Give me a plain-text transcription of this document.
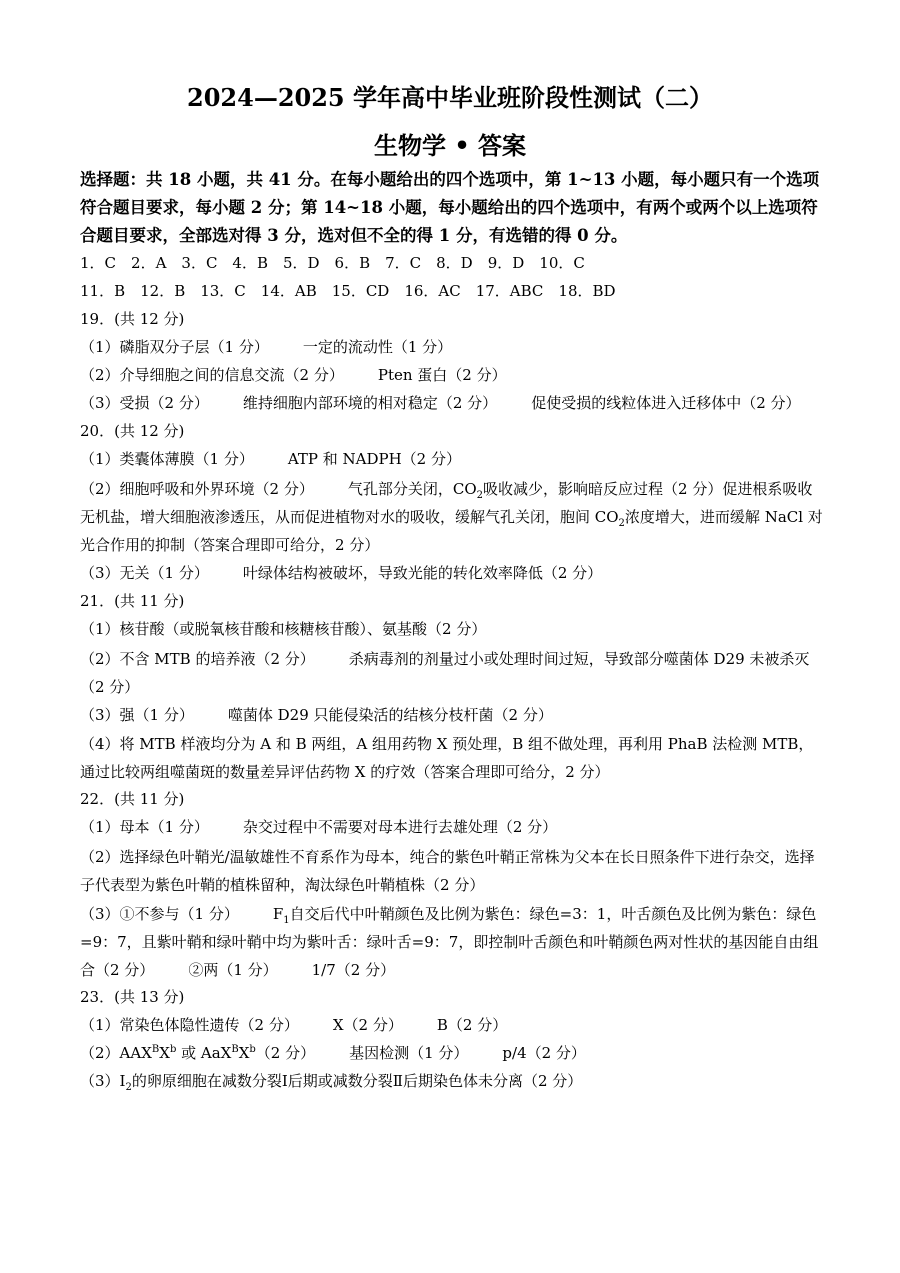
2024—2025 学年高中毕业班阶段性测试（二）
生物学 • 答案
选择题：共 18 小题，共 41 分。在每小题给出的四个选项中，第 1~13 小题，每小题只有一个选项符合题目要求，每小题 2 分；第 14~18 小题，每小题给出的四个选项中，有两个或两个以上选项符合题目要求，全部选对得 3 分，选对但不全的得 1 分，有选错的得 0 分。
1．C　2．A　3．C　4．B　5．D　6．B　7．C　8．D　9．D　10．C
11．B　12．B　13．C　14．AB　15．CD　16．AC　17．ABC　18．BD
19．(共 12 分)
（1）磷脂双分子层（1 分） 一定的流动性（1 分）
（2）介导细胞之间的信息交流（2 分） Pten 蛋白（2 分）
（3）受损（2 分） 维持细胞内部环境的相对稳定（2 分） 促使受损的线粒体进入迁移体中（2 分）
20．(共 12 分)
（1）类囊体薄膜（1 分） ATP 和 NADPH（2 分）
（2）细胞呼吸和外界环境（2 分） 气孔部分关闭，$CO_2$吸收减少，影响暗反应过程（2 分）促进根系吸收无机盐，增大细胞液渗透压，从而促进植物对水的吸收，缓解气孔关闭，胞间 $CO_2$浓度增大，进而缓解 NaCl 对光合作用的抑制（答案合理即可给分，2 分）
（3）无关（1 分） 叶绿体结构被破坏，导致光能的转化效率降低（2 分）
21．(共 11 分)
（1）核苷酸（或脱氧核苷酸和核糖核苷酸）、氨基酸（2 分）
（2）不含 MTB 的培养液（2 分） 杀病毒剂的剂量过小或处理时间过短，导致部分噬菌体 D29 未被杀灭（2 分）
（3）强（1 分） 噬菌体 D29 只能侵染活的结核分枝杆菌（2 分）
（4）将 MTB 样液均分为 A 和 B 两组，A 组用药物 X 预处理，B 组不做处理，再利用 PhaB 法检测 MTB，通过比较两组噬菌斑的数量差异评估药物 X 的疗效（答案合理即可给分，2 分）
22．(共 11 分)
（1）母本（1 分） 杂交过程中不需要对母本进行去雄处理（2 分）
（2）选择绿色叶鞘光/温敏雄性不育系作为母本，纯合的紫色叶鞘正常株为父本在长日照条件下进行杂交，选择子代表型为紫色叶鞘的植株留种，淘汰绿色叶鞘植株（2 分）
（3）①不参与（1 分） $F_1$自交后代中叶鞘颜色及比例为紫色：绿色=3：1，叶舌颜色及比例为紫色：绿色=9：7，且紫叶鞘和绿叶鞘中均为紫叶舌：绿叶舌=9：7，即控制叶舌颜色和叶鞘颜色两对性状的基因能自由组合（2 分） ②两（1 分） 1/7（2 分）
23．(共 13 分)
（1）常染色体隐性遗传（2 分） X（2 分） B（2 分）
$(2)AAX^BX^b$ 或 $AaX^BX^b(2$ 分） 基因检测（1 分） p/4（2 分）
$(3)Ⅰ_2$的卵原细胞在减数分裂Ⅰ后期或减数分裂Ⅱ后期染色体未分离（2 分）
